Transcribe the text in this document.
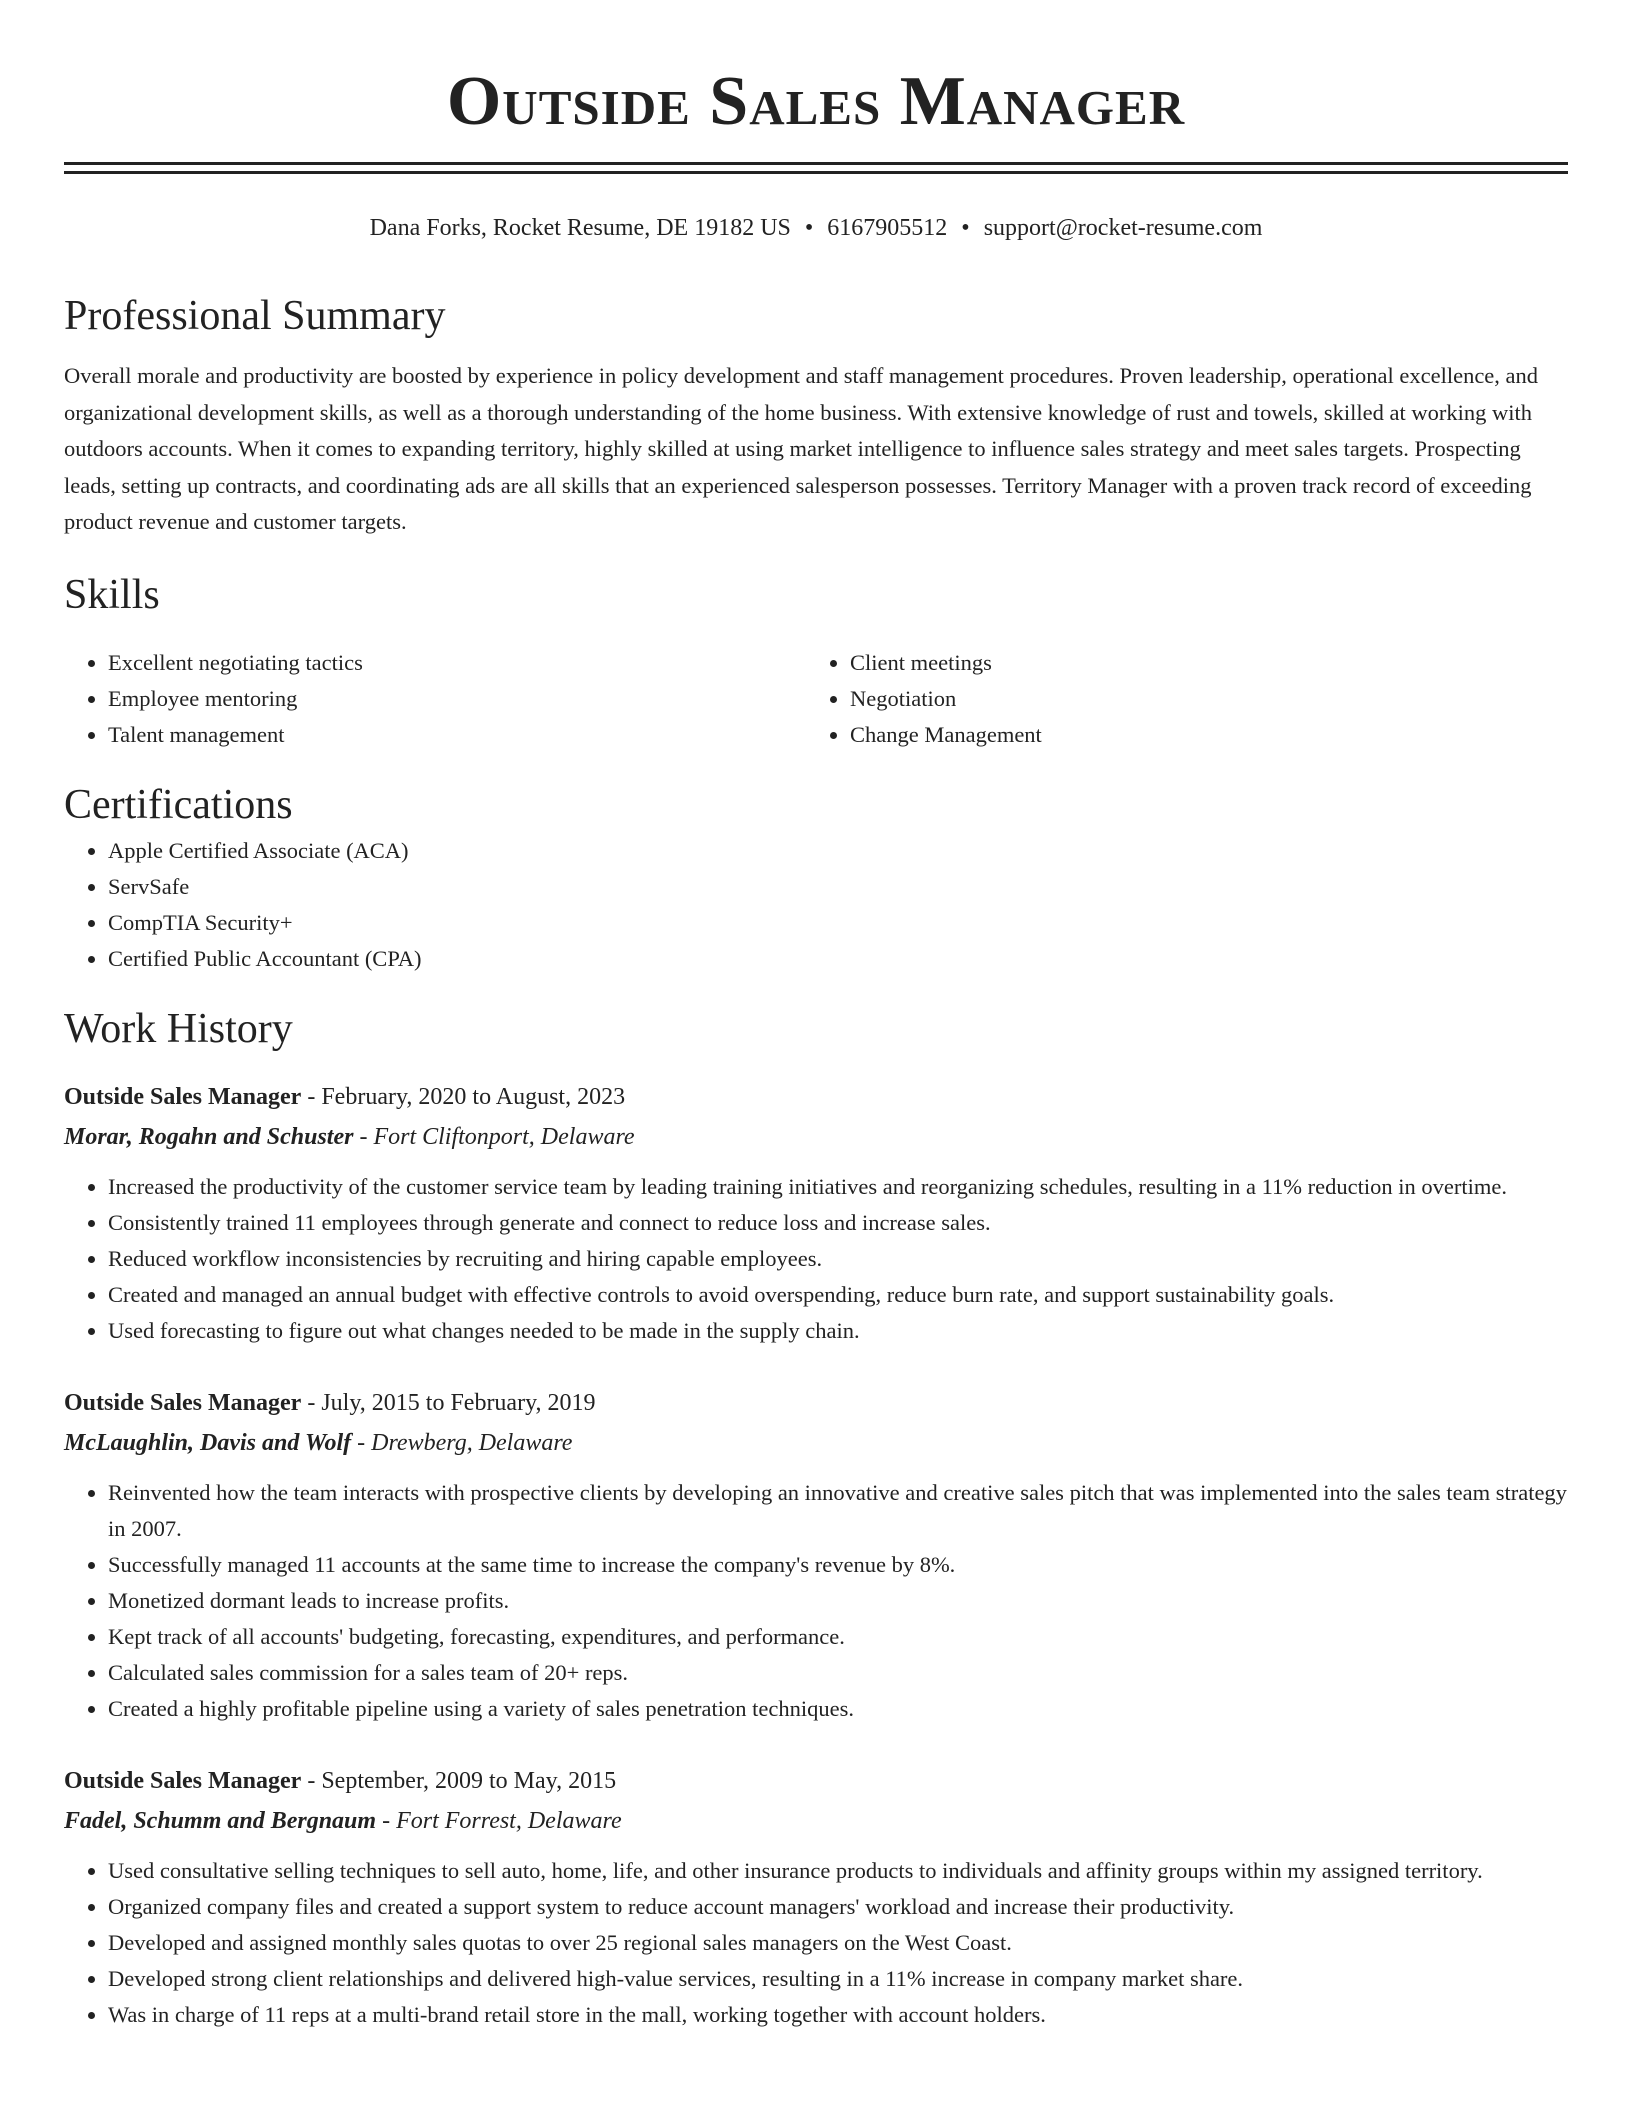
Outside Sales Manager
Dana Forks, Rocket Resume, DE 19182 US • 6167905512 • support@rocket-resume.com
Professional Summary

Overall morale and productivity are boosted by experience in policy development and staff management procedures. Proven leadership, operational excellence, and organizational development skills, as well as a thorough understanding of the home business. With extensive knowledge of rust and towels, skilled at working with outdoors accounts. When it comes to expanding territory, highly skilled at using market intelligence to influence sales strategy and meet sales targets. Prospecting leads, setting up contracts, and coordinating ads are all skills that an experienced salesperson possesses. Territory Manager with a proven track record of exceeding product revenue and customer targets.

Skills
• Excellent negotiating tactics
• Employee mentoring
• Talent management
• Client meetings
• Negotiation
• Change Management
Certifications
• Apple Certified Associate (ACA)
• ServSafe
• CompTIA Security+
• Certified Public Accountant (CPA)
Work History
Outside Sales Manager - February, 2020 to August, 2023
Morar, Rogahn and Schuster - Fort Cliftonport, Delaware
• Increased the productivity of the customer service team by leading training initiatives and reorganizing schedules, resulting in a 11% reduction in overtime.
• Consistently trained 11 employees through generate and connect to reduce loss and increase sales.
• Reduced workflow inconsistencies by recruiting and hiring capable employees.
• Created and managed an annual budget with effective controls to avoid overspending, reduce burn rate, and support sustainability goals.
• Used forecasting to figure out what changes needed to be made in the supply chain.
Outside Sales Manager - July, 2015 to February, 2019
McLaughlin, Davis and Wolf - Drewberg, Delaware
• Reinvented how the team interacts with prospective clients by developing an innovative and creative sales pitch that was implemented into the sales team strategy in 2007.
• Successfully managed 11 accounts at the same time to increase the company's revenue by 8%.
• Monetized dormant leads to increase profits.
• Kept track of all accounts' budgeting, forecasting, expenditures, and performance.
• Calculated sales commission for a sales team of 20+ reps.
• Created a highly profitable pipeline using a variety of sales penetration techniques.
Outside Sales Manager - September, 2009 to May, 2015
Fadel, Schumm and Bergnaum - Fort Forrest, Delaware
• Used consultative selling techniques to sell auto, home, life, and other insurance products to individuals and affinity groups within my assigned territory.
• Organized company files and created a support system to reduce account managers' workload and increase their productivity.
• Developed and assigned monthly sales quotas to over 25 regional sales managers on the West Coast.
• Developed strong client relationships and delivered high-value services, resulting in a 11% increase in company market share.
• Was in charge of 11 reps at a multi-brand retail store in the mall, working together with account holders.
